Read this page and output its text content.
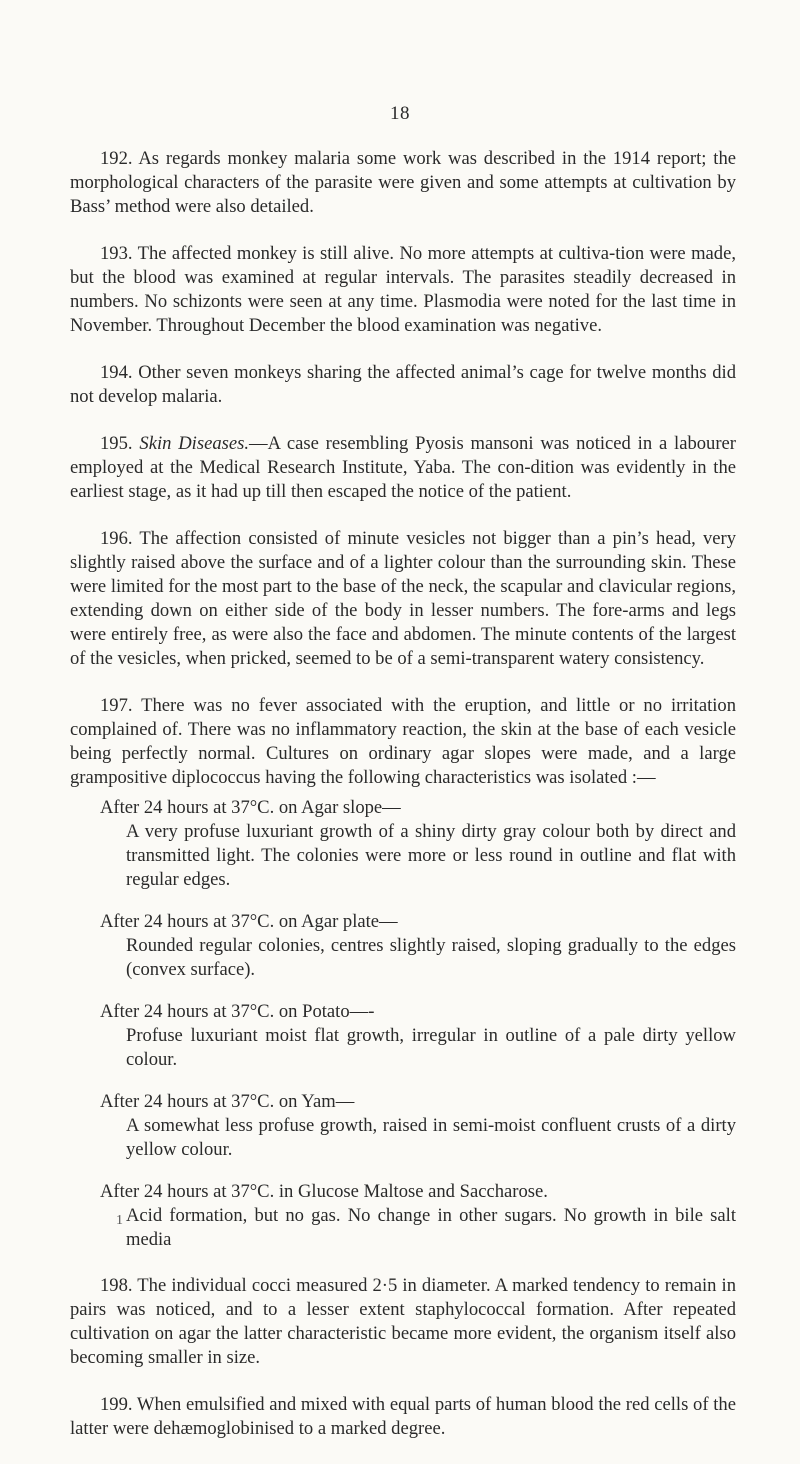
18

192. As regards monkey malaria some work was described in the 1914 report; the morphological characters of the parasite were given and some attempts at cultivation by Bass’ method were also detailed.

193. The affected monkey is still alive. No more attempts at cultiva-tion were made, but the blood was examined at regular intervals. The parasites steadily decreased in numbers. No schizonts were seen at any time. Plasmodia were noted for the last time in November. Throughout December the blood examination was negative.

194. Other seven monkeys sharing the affected animal’s cage for twelve months did not develop malaria.

195. Skin Diseases.—A case resembling Pyosis mansoni was noticed in a labourer employed at the Medical Research Institute, Yaba. The con-dition was evidently in the earliest stage, as it had up till then escaped the notice of the patient.

196. The affection consisted of minute vesicles not bigger than a pin’s head, very slightly raised above the surface and of a lighter colour than the surrounding skin. These were limited for the most part to the base of the neck, the scapular and clavicular regions, extending down on either side of the body in lesser numbers. The fore-arms and legs were entirely free, as were also the face and abdomen. The minute contents of the largest of the vesicles, when pricked, seemed to be of a semi-transparent watery consistency.

197. There was no fever associated with the eruption, and little or no irritation complained of. There was no inflammatory reaction, the skin at the base of each vesicle being perfectly normal. Cultures on ordinary agar slopes were made, and a large grampositive diplococcus having the following characteristics was isolated :—

After 24 hours at 37°C. on Agar slope—
A very profuse luxuriant growth of a shiny dirty gray colour both by direct and transmitted light. The colonies were more or less round in outline and flat with regular edges.

After 24 hours at 37°C. on Agar plate—
Rounded regular colonies, centres slightly raised, sloping gradually to the edges (convex surface).

After 24 hours at 37°C. on Potato—-
Profuse luxuriant moist flat growth, irregular in outline of a pale dirty yellow colour.

After 24 hours at 37°C. on Yam—
A somewhat less profuse growth, raised in semi-moist confluent crusts of a dirty yellow colour.

After 24 hours at 37°C. in Glucose Maltose and Saccharose.
Acid formation, but no gas. No change in other sugars. No growth in bile salt media

198. The individual cocci measured 2·5 in diameter. A marked tendency to remain in pairs was noticed, and to a lesser extent staphylococcal formation. After repeated cultivation on agar the latter characteristic became more evident, the organism itself also becoming smaller in size.

199. When emulsified and mixed with equal parts of human blood the red cells of the latter were dehæmoglobinised to a marked degree.

1
